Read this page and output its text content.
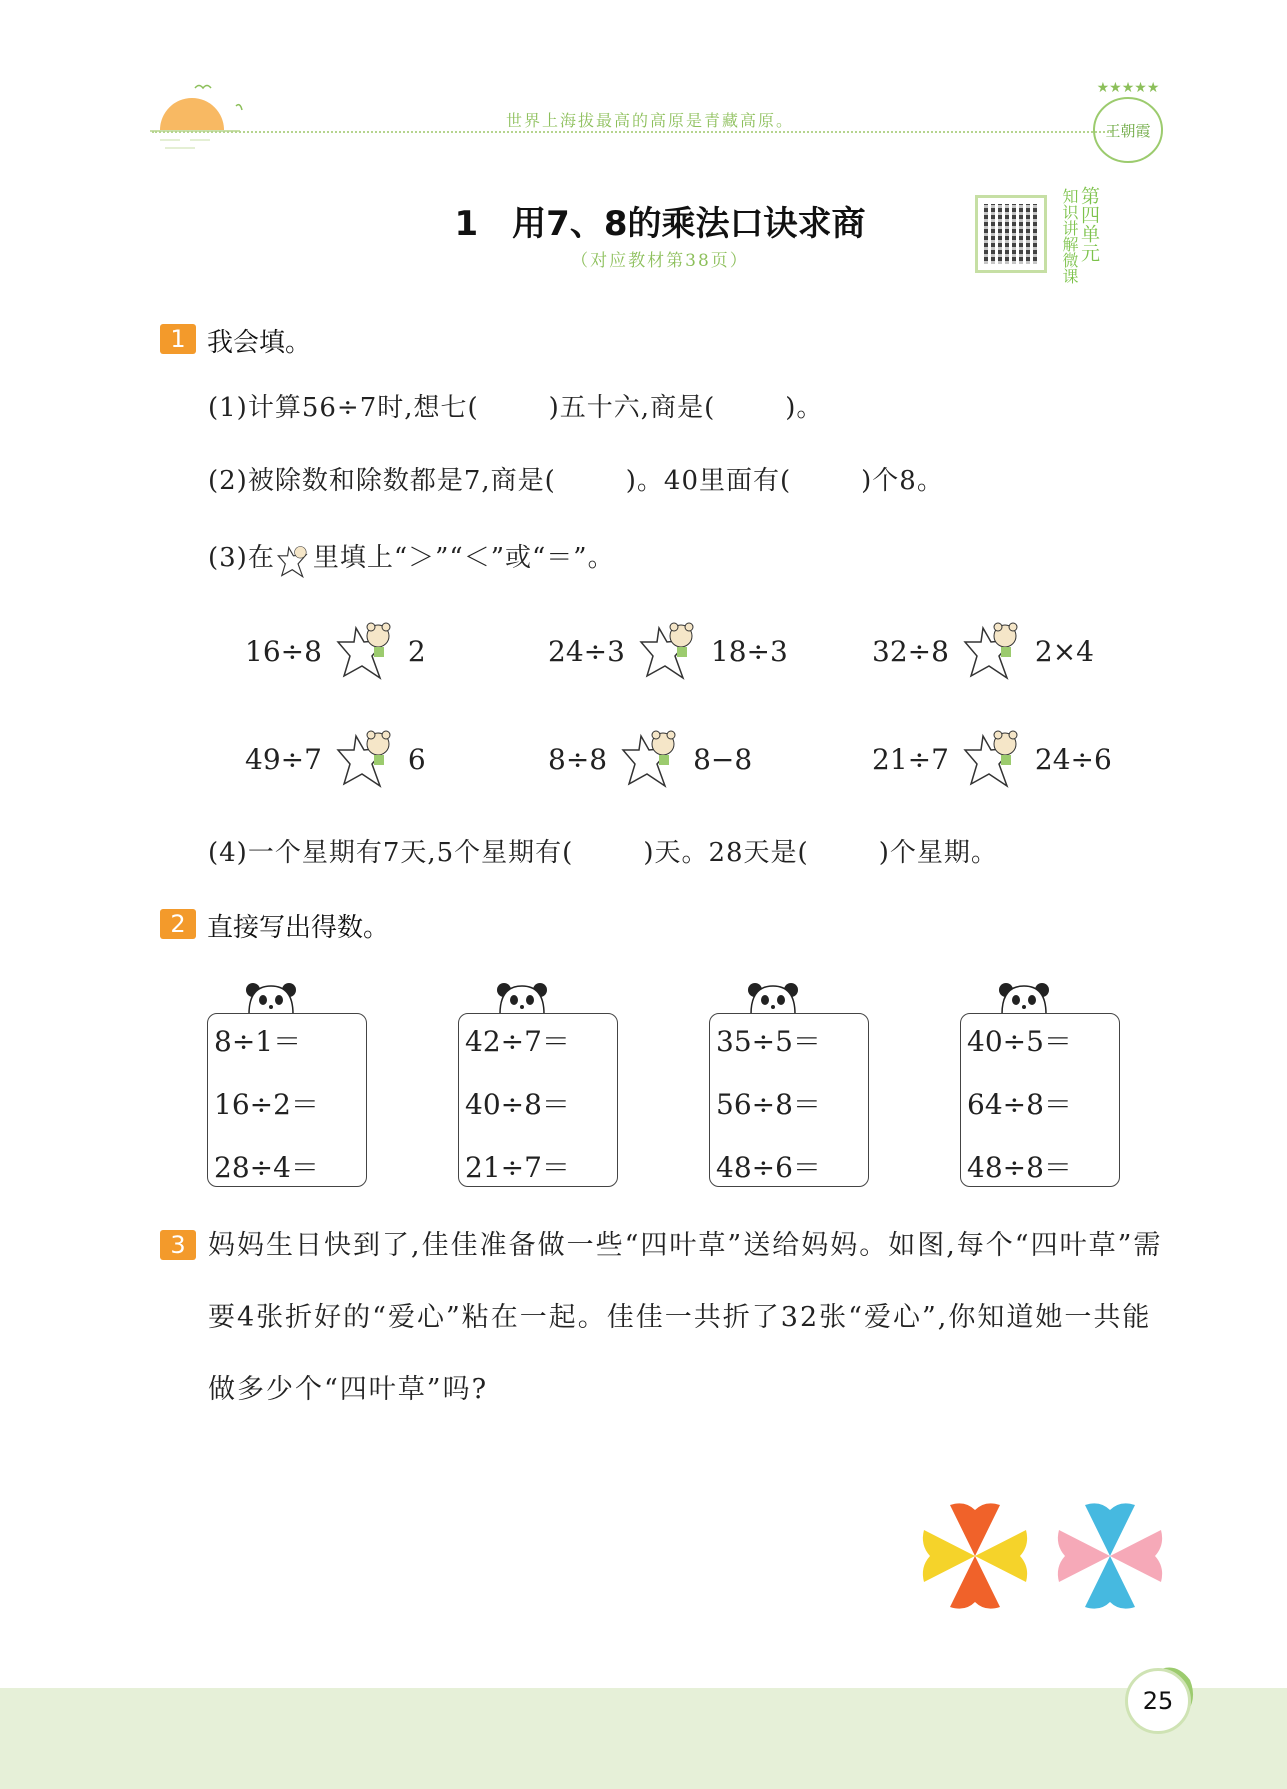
世界上海拔最高的高原是青藏高原。
★★★★★
王朝霞
1　用7、8的乘法口诀求商
（对应教材第38页）	知识讲解微课 第四单元
1 我会填。
(1)计算56÷7时,想七(	)五十六,商是(	)。
(2)被除数和除数都是7,商是(	)。40里面有(	)个8。
(3)在 里填上“＞”“＜”或“＝”。
16÷8	2	24÷3	18÷3	32÷8	2×4
49÷7	6	8÷8	8−8	21÷7	24÷6
(4)一个星期有7天,5个星期有(	)天。28天是(	)个星期。
2 直接写出得数。
8÷1＝
16÷2＝
28÷4＝
42÷7＝
40÷8＝
21÷7＝
35÷5＝
56÷8＝
48÷6＝
40÷5＝
64÷8＝
48÷8＝
3 妈妈生日快到了,佳佳准备做一些“四叶草”送给妈妈。如图,每个“四叶草”需要4张折好的“爱心”粘在一起。佳佳一共折了32张“爱心”,你知道她一共能做多少个“四叶草”吗?
25
